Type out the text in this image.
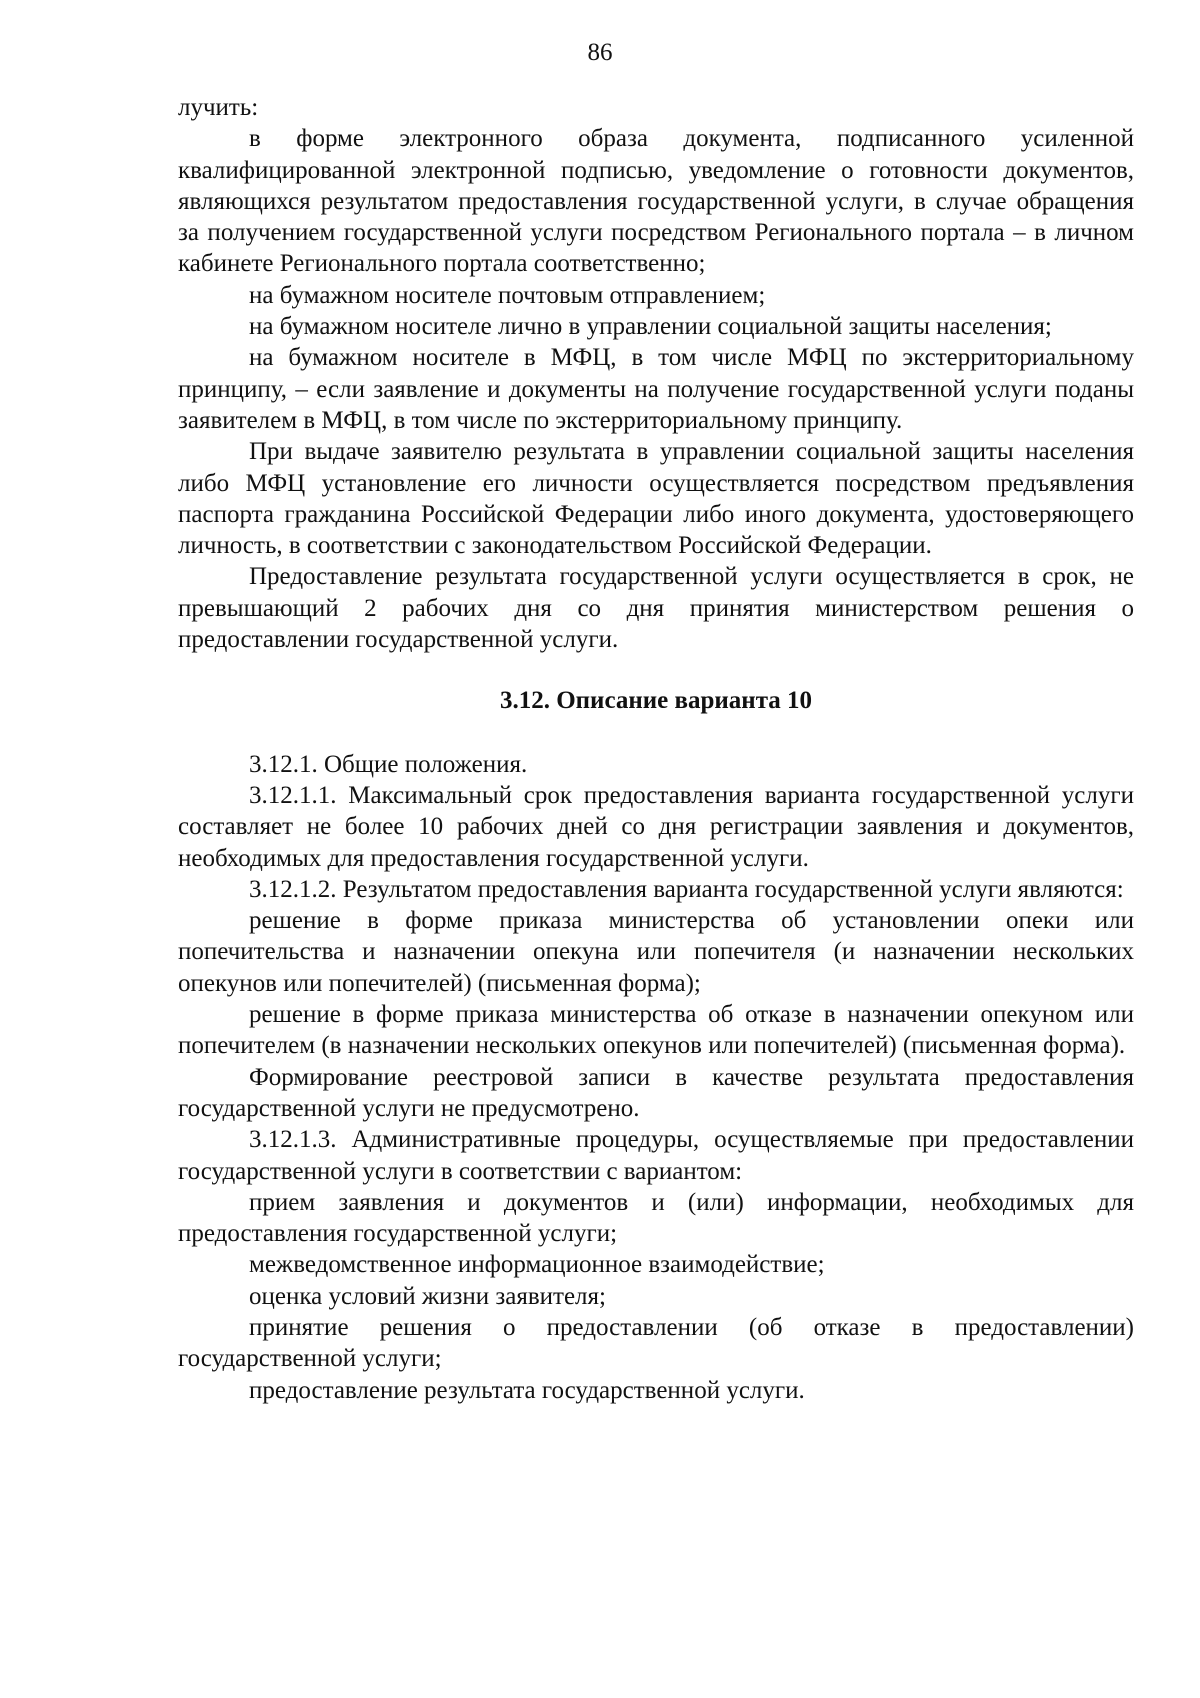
86

лучить:

в форме электронного образа документа, подписанного усиленной квалифицированной электронной подписью, уведомление о готовности документов, являющихся результатом предоставления государственной услуги, в случае обращения за получением государственной услуги посредством Регионального портала – в личном кабинете Регионального портала соответственно;

на бумажном носителе почтовым отправлением;

на бумажном носителе лично в управлении социальной защиты населения;

на бумажном носителе в МФЦ, в том числе МФЦ по экстерриториальному принципу, – если заявление и документы на получение государственной услуги поданы заявителем в МФЦ, в том числе по экстерриториальному принципу.

При выдаче заявителю результата в управлении социальной защиты населения либо МФЦ установление его личности осуществляется посредством предъявления паспорта гражданина Российской Федерации либо иного документа, удостоверяющего личность, в соответствии с законодательством Российской Федерации.

Предоставление результата государственной услуги осуществляется в срок, не превышающий 2 рабочих дня со дня принятия министерством решения о предоставлении государственной услуги.

3.12. Описание варианта 10

3.12.1. Общие положения.

3.12.1.1. Максимальный срок предоставления варианта государственной услуги составляет не более 10 рабочих дней со дня регистрации заявления и документов, необходимых для предоставления государственной услуги.

3.12.1.2. Результатом предоставления варианта государственной услуги являются:

решение в форме приказа министерства об установлении опеки или попечительства и назначении опекуна или попечителя (и назначении нескольких опекунов или попечителей) (письменная форма);

решение в форме приказа министерства об отказе в назначении опекуном или попечителем (в назначении нескольких опекунов или попечителей) (письменная форма).

Формирование реестровой записи в качестве результата предоставления государственной услуги не предусмотрено.

3.12.1.3. Административные процедуры, осуществляемые при предоставлении государственной услуги в соответствии с вариантом:

прием заявления и документов и (или) информации, необходимых для предоставления государственной услуги;

межведомственное информационное взаимодействие;

оценка условий жизни заявителя;

принятие решения о предоставлении (об отказе в предоставлении) государственной услуги;

предоставление результата государственной услуги.
